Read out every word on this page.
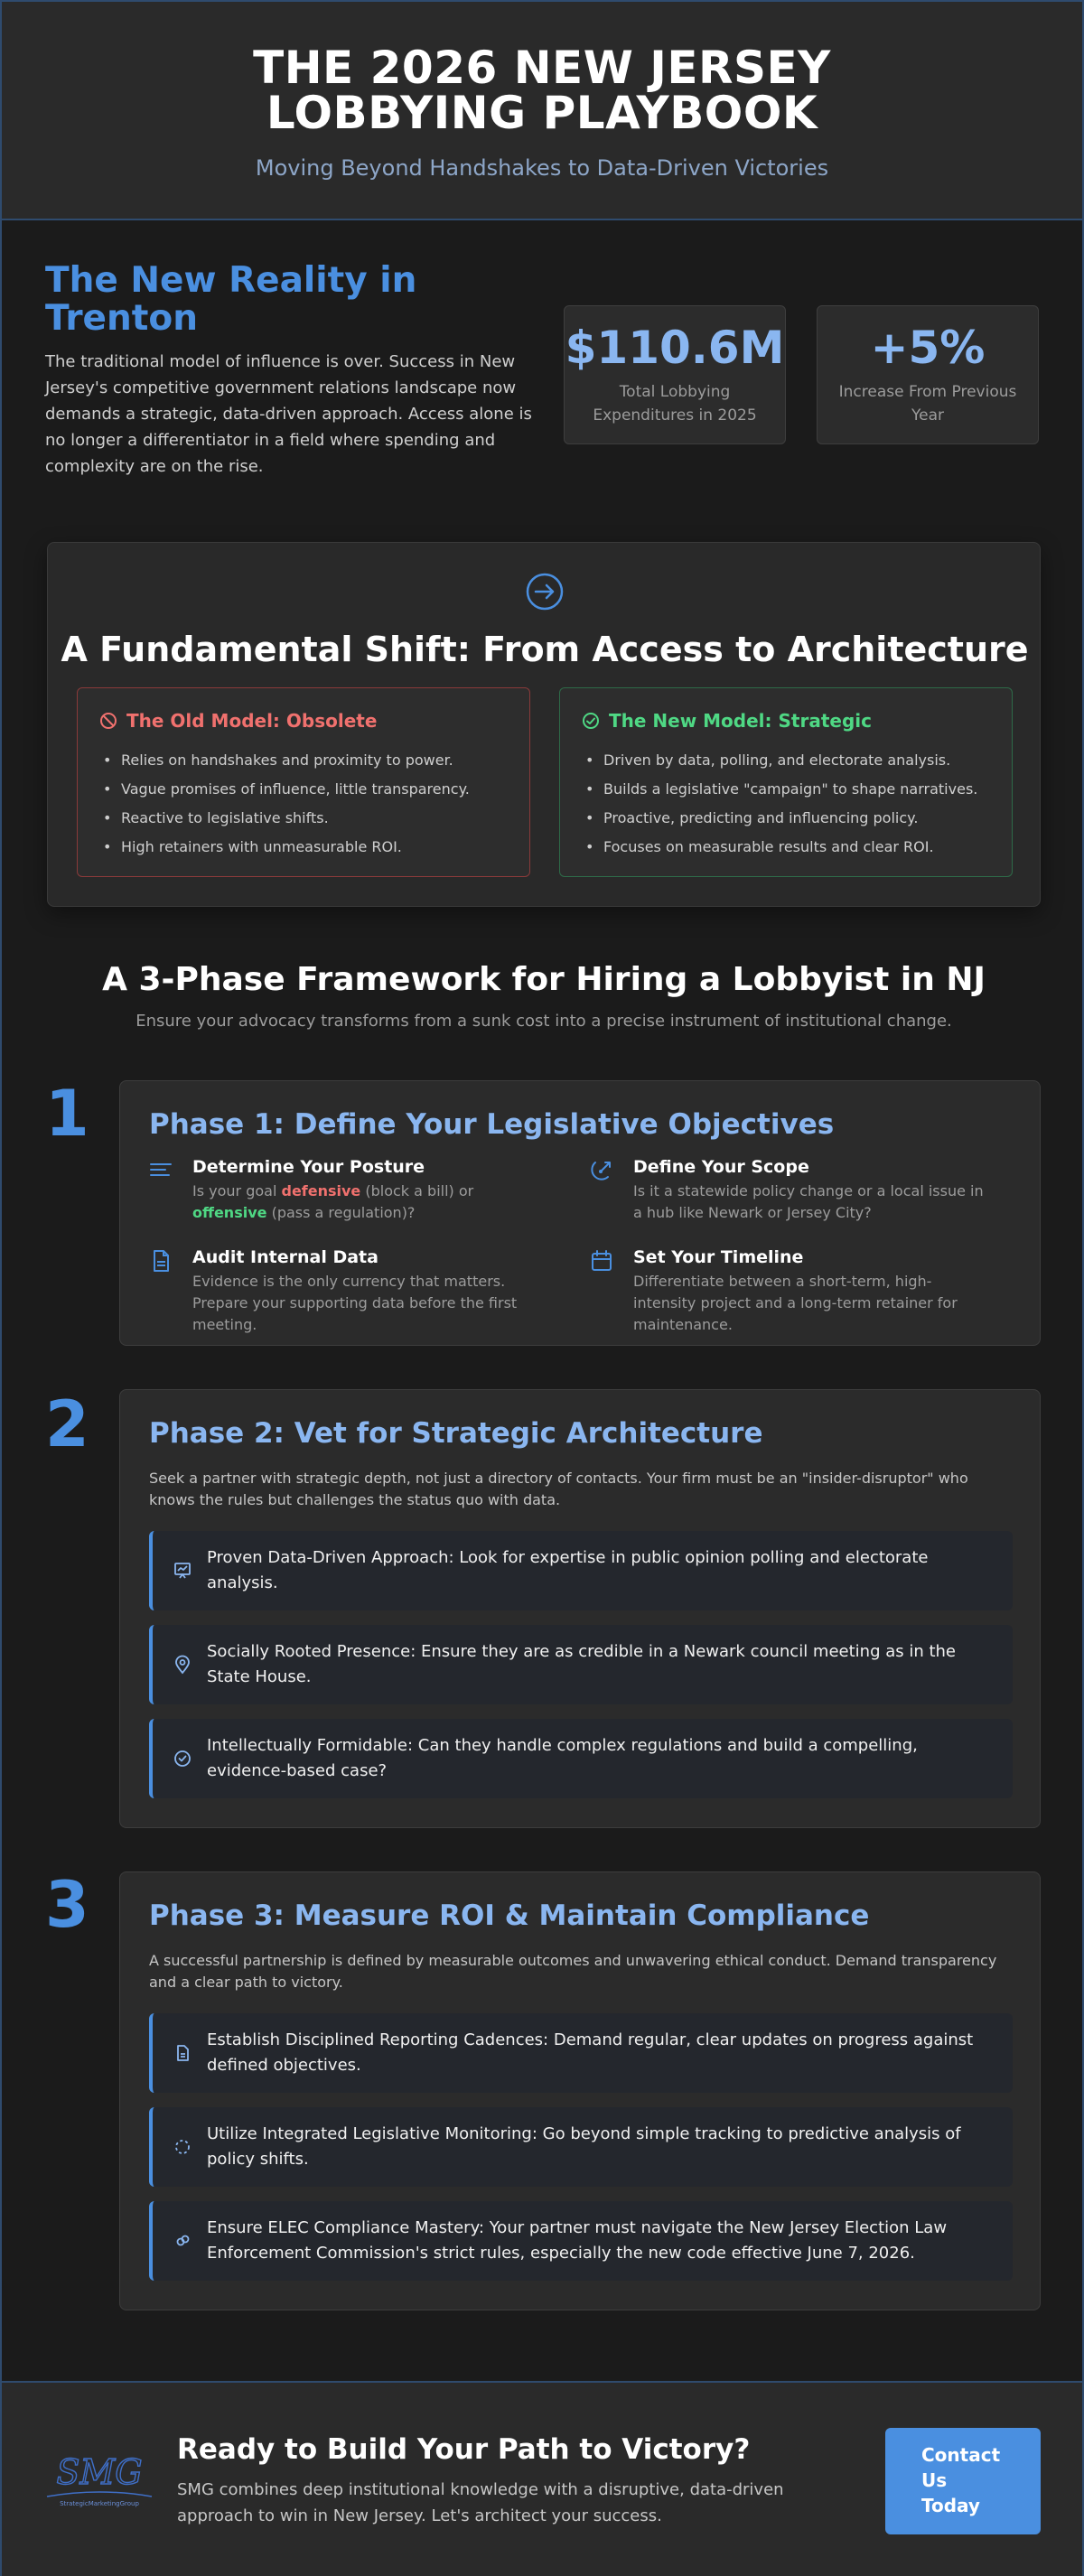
THE 2026 NEW JERSEY LOBBYING PLAYBOOK
Moving Beyond Handshakes to Data-Driven Victories
The New Reality in Trenton

The traditional model of influence is over. Success in New Jersey's competitive government relations landscape now demands a strategic, data-driven approach. Access alone is no longer a differentiator in a field where spending and complexity are on the rise.

$110.6M
Total Lobbying Expenditures in 2025
+5%
Increase From Previous Year
A Fundamental Shift: From Access to Architecture
The Old Model: Obsolete
• Relies on handshakes and proximity to power.
• Vague promises of influence, little transparency.
• Reactive to legislative shifts.
• High retainers with unmeasurable ROI.
The New Model: Strategic
• Driven by data, polling, and electorate analysis.
• Builds a legislative "campaign" to shape narratives.
• Proactive, predicting and influencing policy.
• Focuses on measurable results and clear ROI.
A 3-Phase Framework for Hiring a Lobbyist in NJ
Ensure your advocacy transforms from a sunk cost into a precise instrument of institutional change.
1 Phase 1: Define Your Legislative Objectives
Determine Your Posture
Is your goal defensive (block a bill) or offensive (pass a regulation)?
Define Your Scope
Is it a statewide policy change or a local issue in a hub like Newark or Jersey City?
Audit Internal Data
Evidence is the only currency that matters. Prepare your supporting data before the first meeting.
Set Your Timeline
Differentiate between a short-term, high-intensity project and a long-term retainer for maintenance.
2 Phase 2: Vet for Strategic Architecture
Seek a partner with strategic depth, not just a directory of contacts. Your firm must be an "insider-disruptor" who knows the rules but challenges the status quo with data.
Proven Data-Driven Approach: Look for expertise in public opinion polling and electorate analysis.
Socially Rooted Presence: Ensure they are as credible in a Newark council meeting as in the State House.
Intellectually Formidable: Can they handle complex regulations and build a compelling, evidence-based case?
3 Phase 3: Measure ROI & Maintain Compliance
A successful partnership is defined by measurable outcomes and unwavering ethical conduct. Demand transparency and a clear path to victory.
Establish Disciplined Reporting Cadences: Demand regular, clear updates on progress against defined objectives.
Utilize Integrated Legislative Monitoring: Go beyond simple tracking to predictive analysis of policy shifts.
Ensure ELEC Compliance Mastery: Your partner must navigate the New Jersey Election Law Enforcement Commission's strict rules, especially the new code effective June 7, 2026.
SMG
StrategicMarketingGroup
Ready to Build Your Path to Victory?

SMG combines deep institutional knowledge with a disruptive, data-driven approach to win in New Jersey. Let's architect your success.

Contact Us Today
